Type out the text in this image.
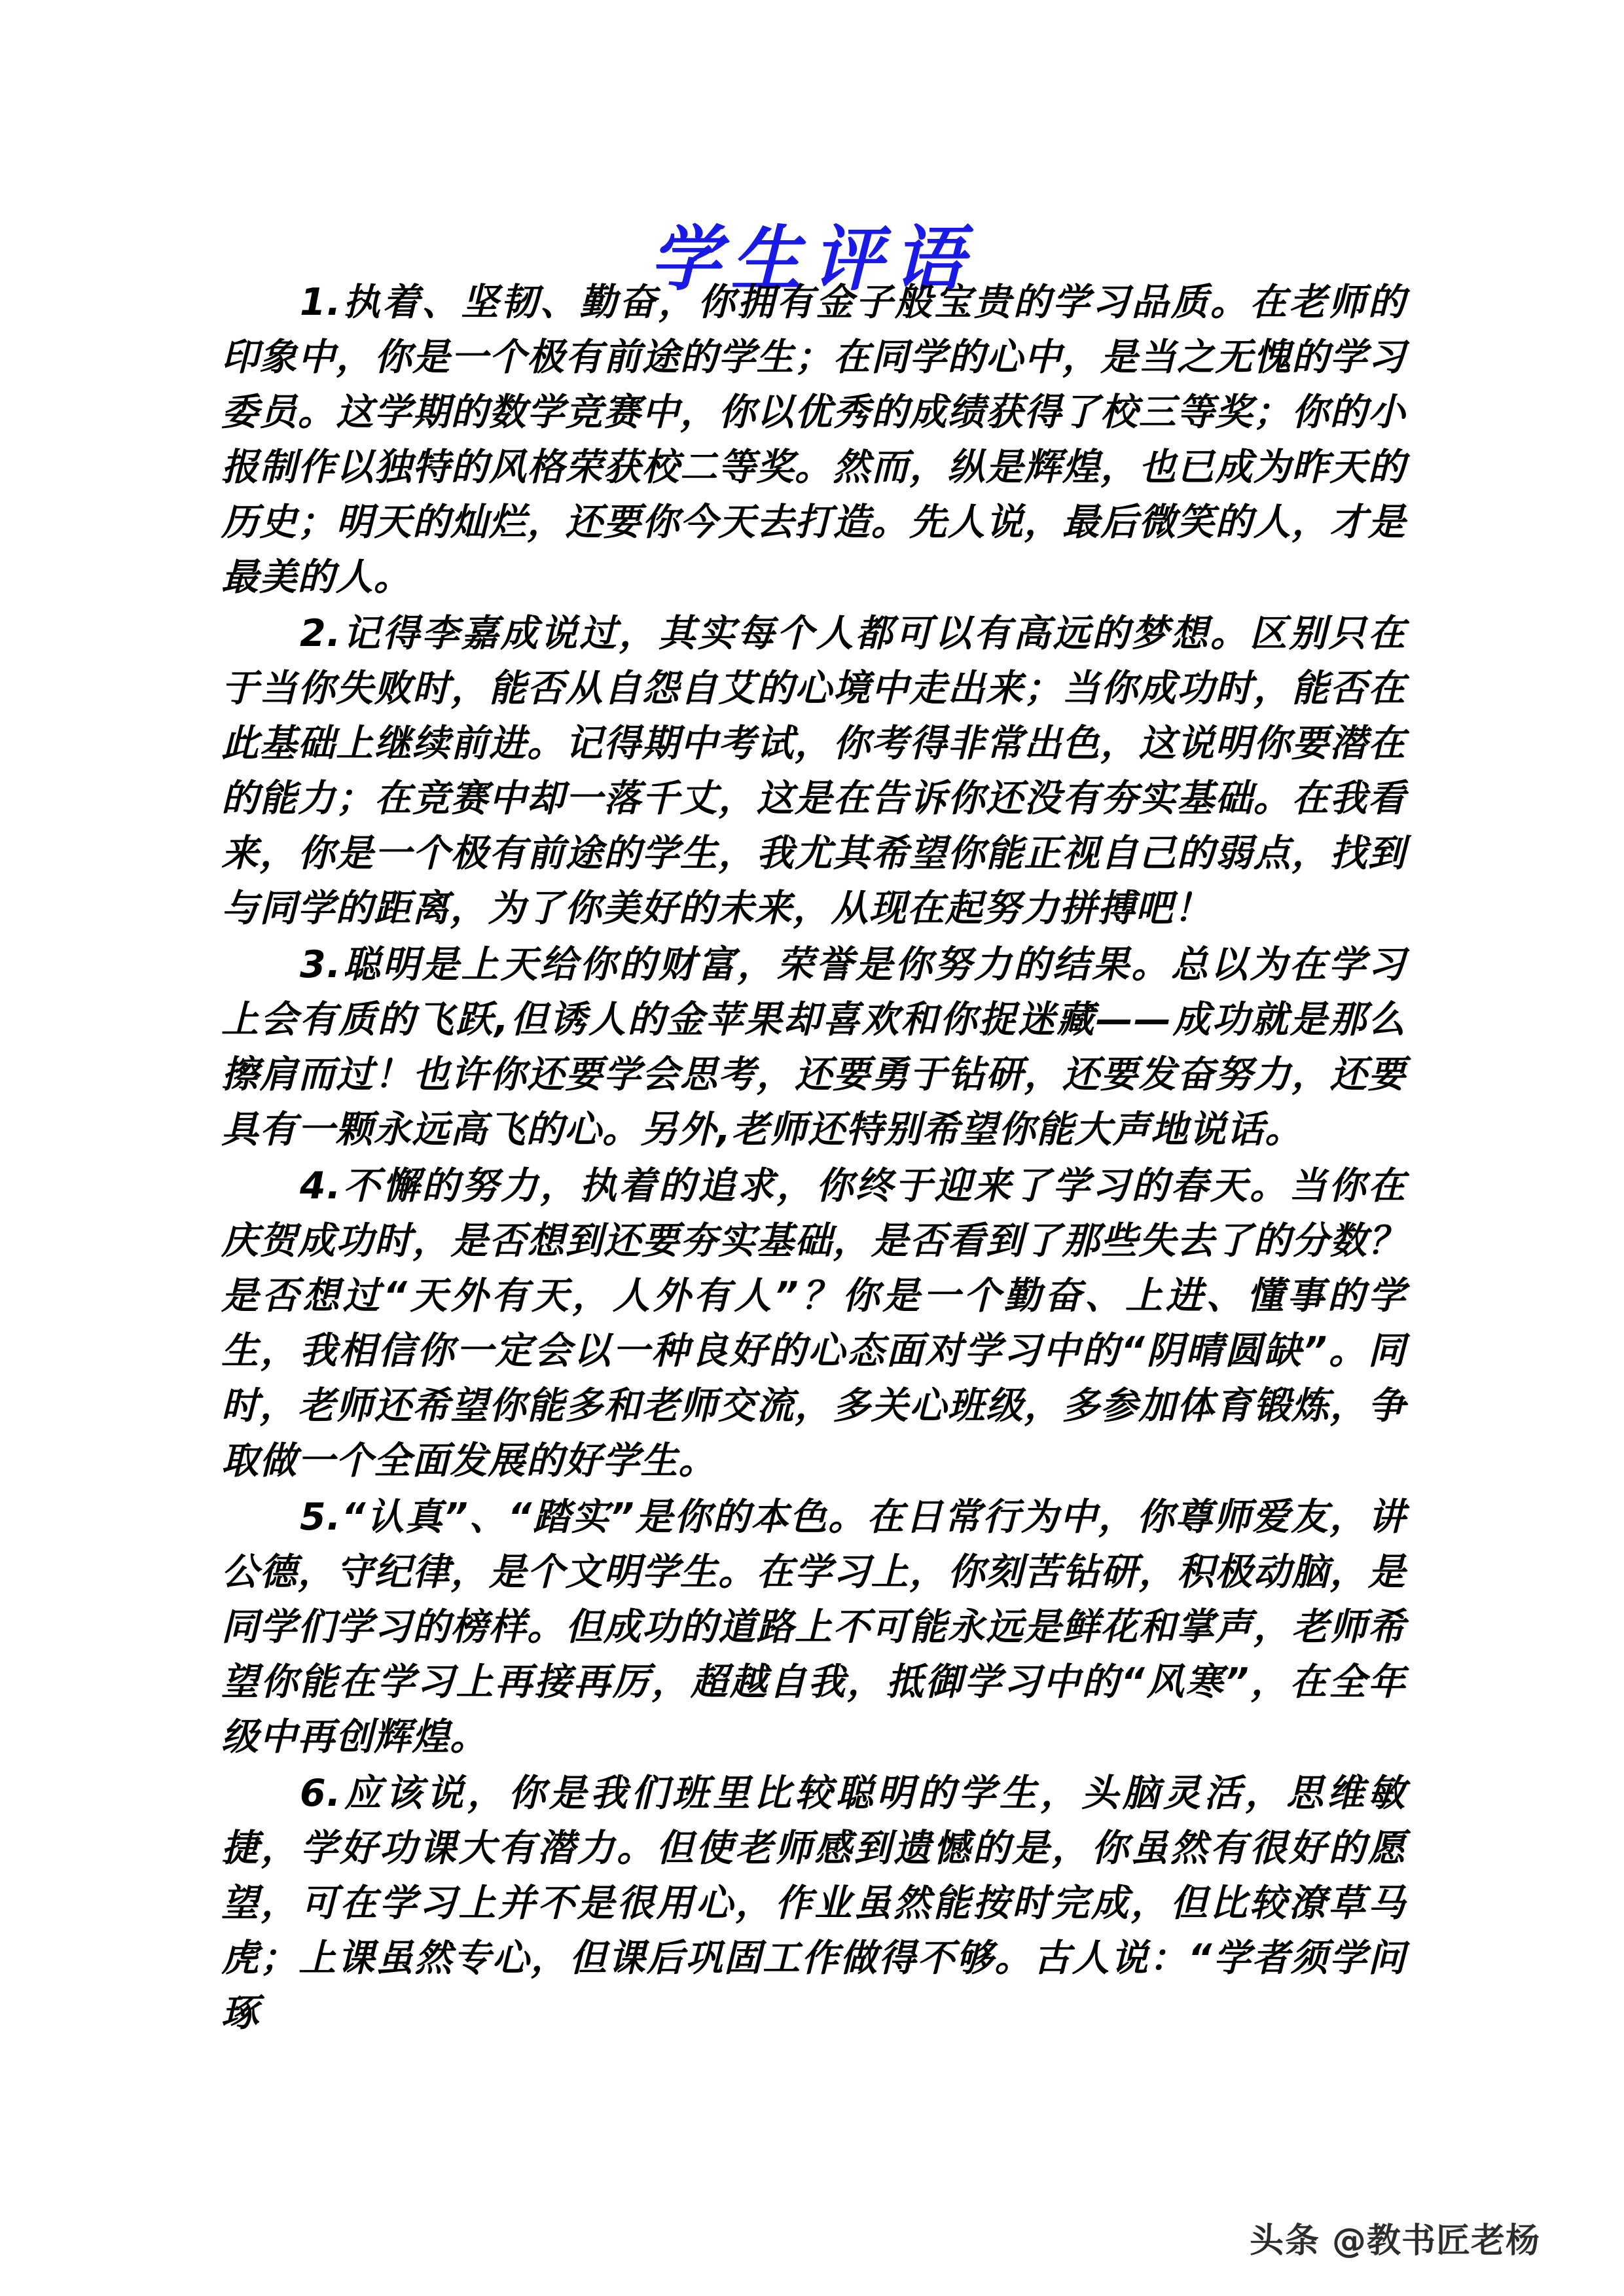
学生评语

1.执着、坚韧、勤奋，你拥有金子般宝贵的学习品质。在老师的印象中，你是一个极有前途的学生；在同学的心中，是当之无愧的学习委员。这学期的数学竞赛中，你以优秀的成绩获得了校三等奖；你的小报制作以独特的风格荣获校二等奖。然而，纵是辉煌，也已成为昨天的历史；明天的灿烂，还要你今天去打造。先人说，最后微笑的人，才是最美的人。

2.记得李嘉成说过，其实每个人都可以有高远的梦想。区别只在于当你失败时，能否从自怨自艾的心境中走出来；当你成功时，能否在此基础上继续前进。记得期中考试，你考得非常出色，这说明你要潜在的能力；在竞赛中却一落千丈，这是在告诉你还没有夯实基础。在我看来，你是一个极有前途的学生，我尤其希望你能正视自己的弱点，找到与同学的距离，为了你美好的未来，从现在起努力拼搏吧！

3.聪明是上天给你的财富，荣誉是你努力的结果。总以为在学习上会有质的飞跃,但诱人的金苹果却喜欢和你捉迷藏——成功就是那么擦肩而过！也许你还要学会思考，还要勇于钻研，还要发奋努力，还要具有一颗永远高飞的心。另外,老师还特别希望你能大声地说话。

4.不懈的努力，执着的追求，你终于迎来了学习的春天。当你在庆贺成功时，是否想到还要夯实基础，是否看到了那些失去了的分数？是否想过“天外有天，人外有人”？你是一个勤奋、上进、懂事的学生，我相信你一定会以一种良好的心态面对学习中的“阴晴圆缺”。同时，老师还希望你能多和老师交流，多关心班级，多参加体育锻炼，争取做一个全面发展的好学生。

5.“认真”、“踏实”是你的本色。在日常行为中，你尊师爱友，讲公德，守纪律，是个文明学生。在学习上，你刻苦钻研，积极动脑，是同学们学习的榜样。但成功的道路上不可能永远是鲜花和掌声，老师希望你能在学习上再接再厉，超越自我，抵御学习中的“风寒”，在全年级中再创辉煌。

6.应该说，你是我们班里比较聪明的学生，头脑灵活，思维敏捷，学好功课大有潜力。但使老师感到遗憾的是，你虽然有很好的愿望，可在学习上并不是很用心，作业虽然能按时完成，但比较潦草马虎；上课虽然专心，但课后巩固工作做得不够。古人说：“学者须学问琢

头条 @教书匠老杨
